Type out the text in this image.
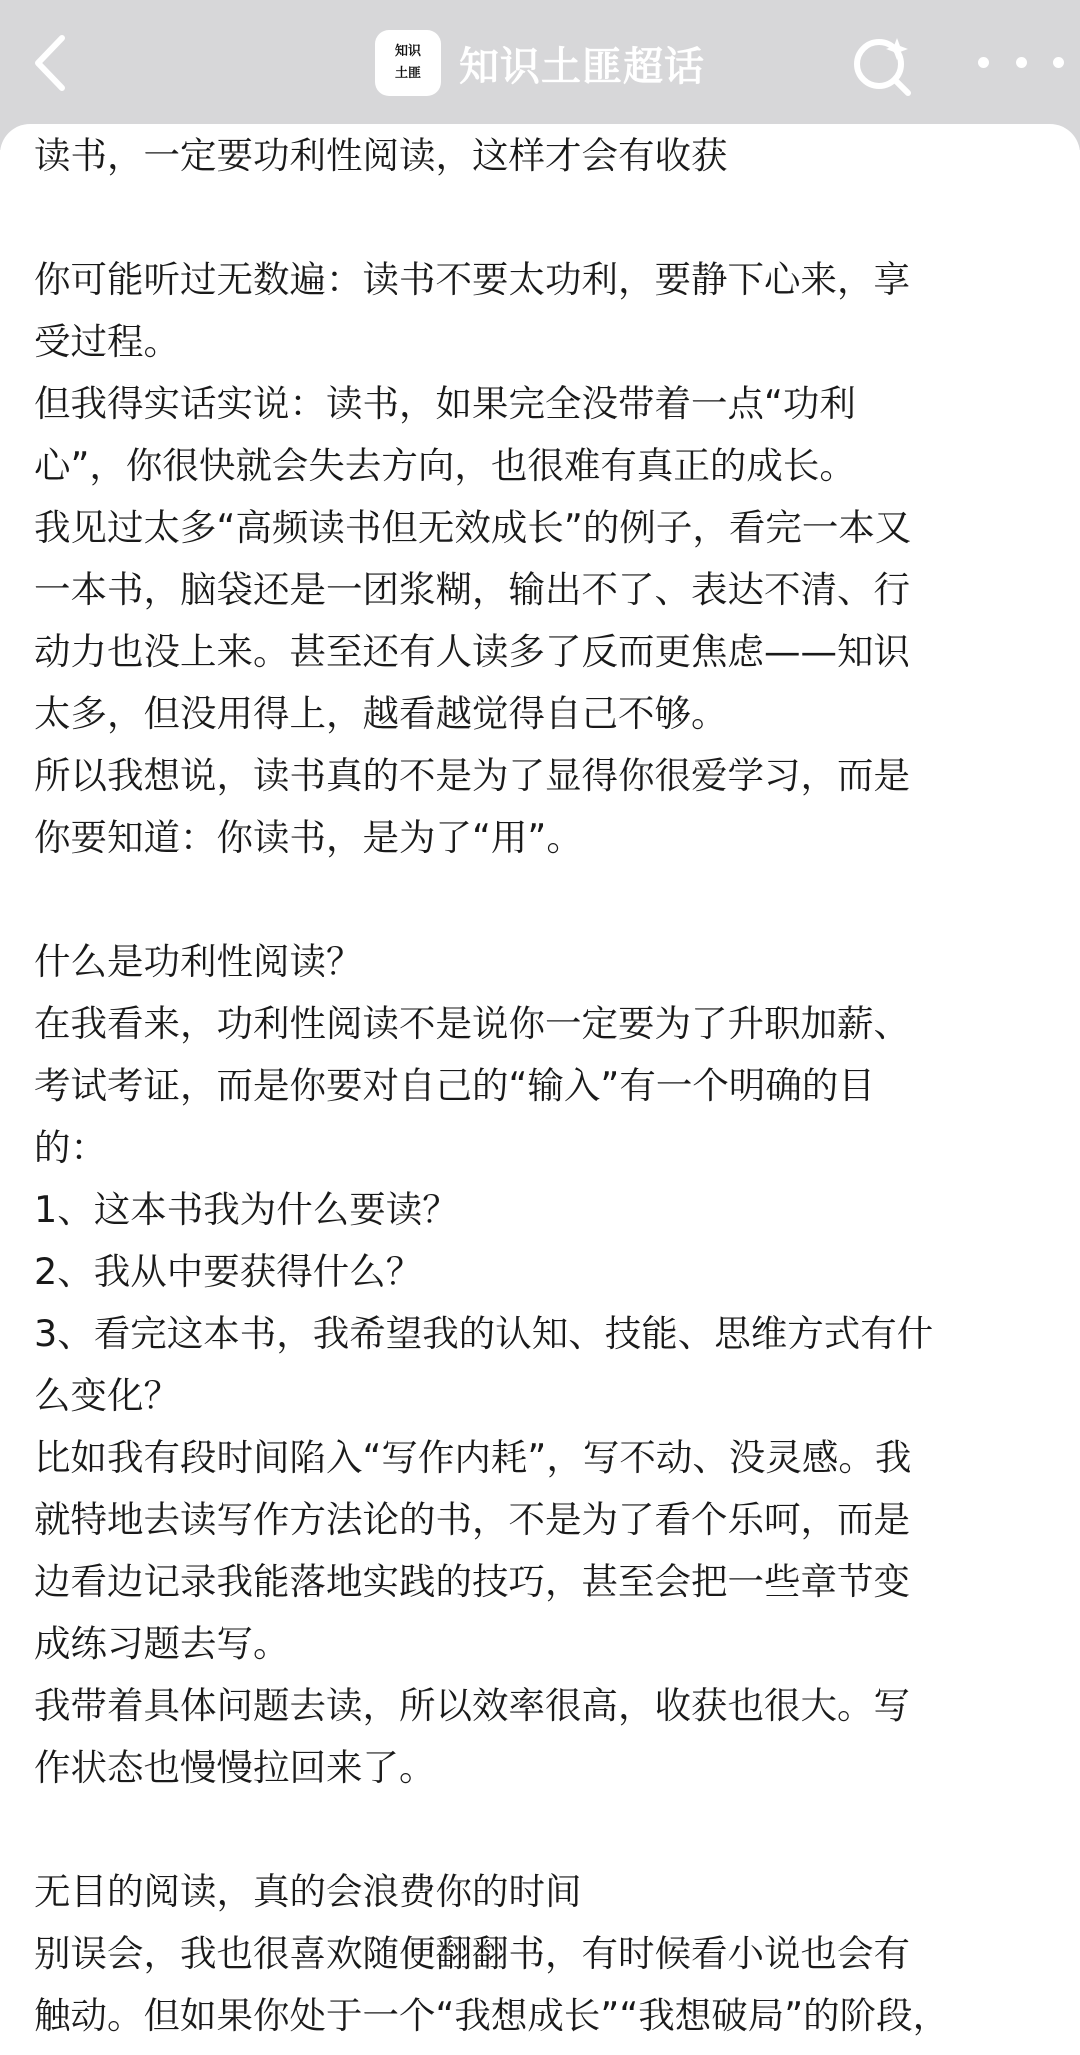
知识
土匪 知识土匪超话
读书，一定要功利性阅读，这样才会有收获
你可能听过无数遍：读书不要太功利，要静下心来，享
受过程。
但我得实话实说：读书，如果完全没带着一点“功利
心”，你很快就会失去方向，也很难有真正的成长。
我见过太多“高频读书但无效成长”的例子，看完一本又
一本书，脑袋还是一团浆糊，输出不了、表达不清、行
动力也没上来。甚至还有人读多了反而更焦虑——知识
太多，但没用得上，越看越觉得自己不够。
所以我想说，读书真的不是为了显得你很爱学习，而是
你要知道：你读书，是为了“用”。
什么是功利性阅读？
在我看来，功利性阅读不是说你一定要为了升职加薪、
考试考证，而是你要对自己的“输入”有一个明确的目
的：
1、这本书我为什么要读？
2、我从中要获得什么？
3、看完这本书，我希望我的认知、技能、思维方式有什
么变化？
比如我有段时间陷入“写作内耗”，写不动、没灵感。我
就特地去读写作方法论的书，不是为了看个乐呵，而是
边看边记录我能落地实践的技巧，甚至会把一些章节变
成练习题去写。
我带着具体问题去读，所以效率很高，收获也很大。写
作状态也慢慢拉回来了。
无目的阅读，真的会浪费你的时间
别误会，我也很喜欢随便翻翻书，有时候看小说也会有
触动。但如果你处于一个“我想成长”“我想破局”的阶段，
